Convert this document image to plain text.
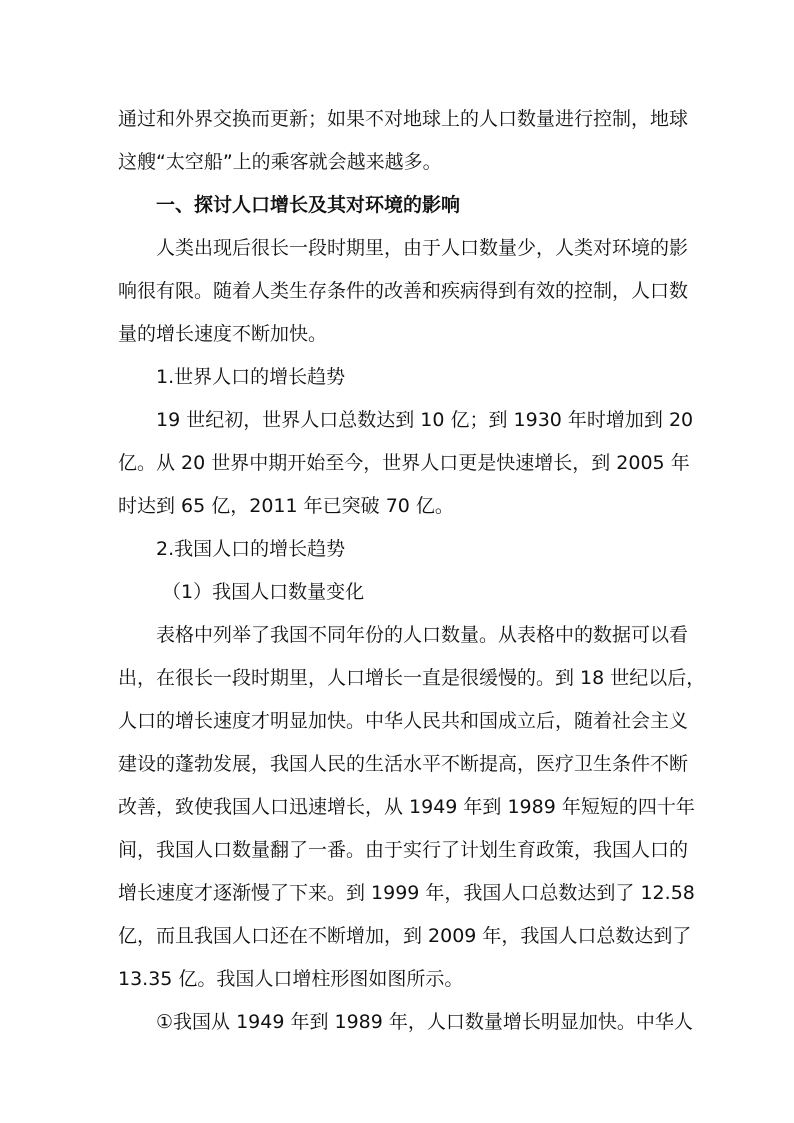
通过和外界交换而更新；如果不对地球上的人口数量进行控制，地球
这艘“太空船”上的乘客就会越来越多。
一、探讨人口增长及其对环境的影响
人类出现后很长一段时期里，由于人口数量少，人类对环境的影
响很有限。随着人类生存条件的改善和疾病得到有效的控制，人口数
量的增长速度不断加快。
1.世界人口的增长趋势
19 世纪初，世界人口总数达到 10 亿；到 1930 年时增加到 20
亿。从 20 世界中期开始至今，世界人口更是快速增长，到 2005 年
时达到 65 亿，2011 年已突破 70 亿。
2.我国人口的增长趋势
（1）我国人口数量变化
表格中列举了我国不同年份的人口数量。从表格中的数据可以看
出，在很长一段时期里，人口增长一直是很缓慢的。到 18 世纪以后，
人口的增长速度才明显加快。中华人民共和国成立后，随着社会主义
建设的蓬勃发展，我国人民的生活水平不断提高，医疗卫生条件不断
改善，致使我国人口迅速增长，从 1949 年到 1989 年短短的四十年
间，我国人口数量翻了一番。由于实行了计划生育政策，我国人口的
增长速度才逐渐慢了下来。到 1999 年，我国人口总数达到了 12.58
亿，而且我国人口还在不断增加，到 2009 年，我国人口总数达到了
13.35 亿。我国人口增柱形图如图所示。
①我国从 1949 年到 1989 年，人口数量增长明显加快。中华人
